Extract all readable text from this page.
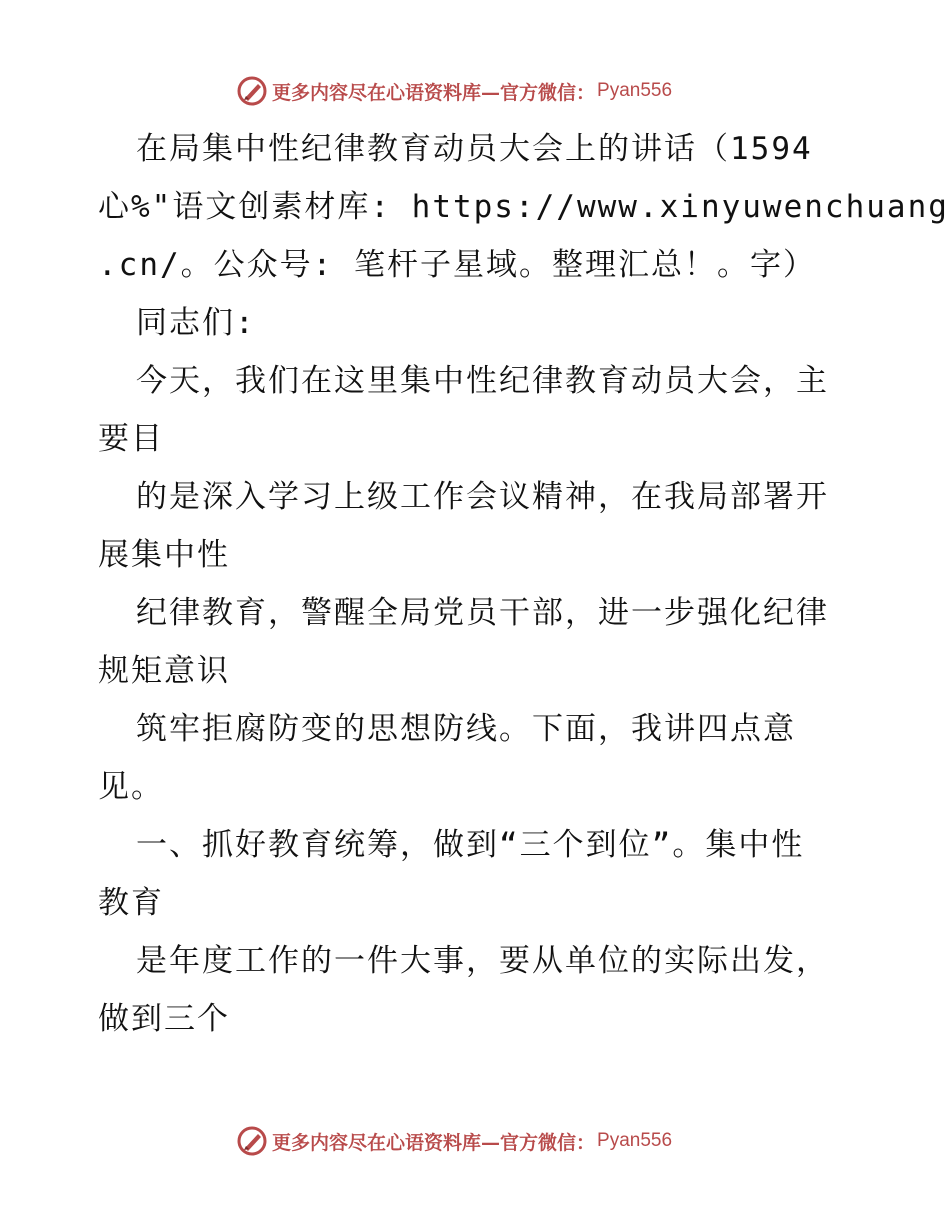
更多内容尽在心语资料库—官方微信： Pyan556
在局集中性纪律教育动员大会上的讲话（1594
心%"语文创素材库: https://www.xinyuwenchuang
.cn/。公众号: 笔杆子星域。整理汇总！。字）
同志们:
今天，我们在这里集中性纪律教育动员大会，主
要目
的是深入学习上级工作会议精神，在我局部署开
展集中性
纪律教育，警醒全局党员干部，进一步强化纪律
规矩意识
筑牢拒腐防变的思想防线。下面，我讲四点意
见。
一、抓好教育统筹，做到“三个到位”。集中性
教育
是年度工作的一件大事，要从单位的实际出发，
做到三个
更多内容尽在心语资料库—官方微信： Pyan556
